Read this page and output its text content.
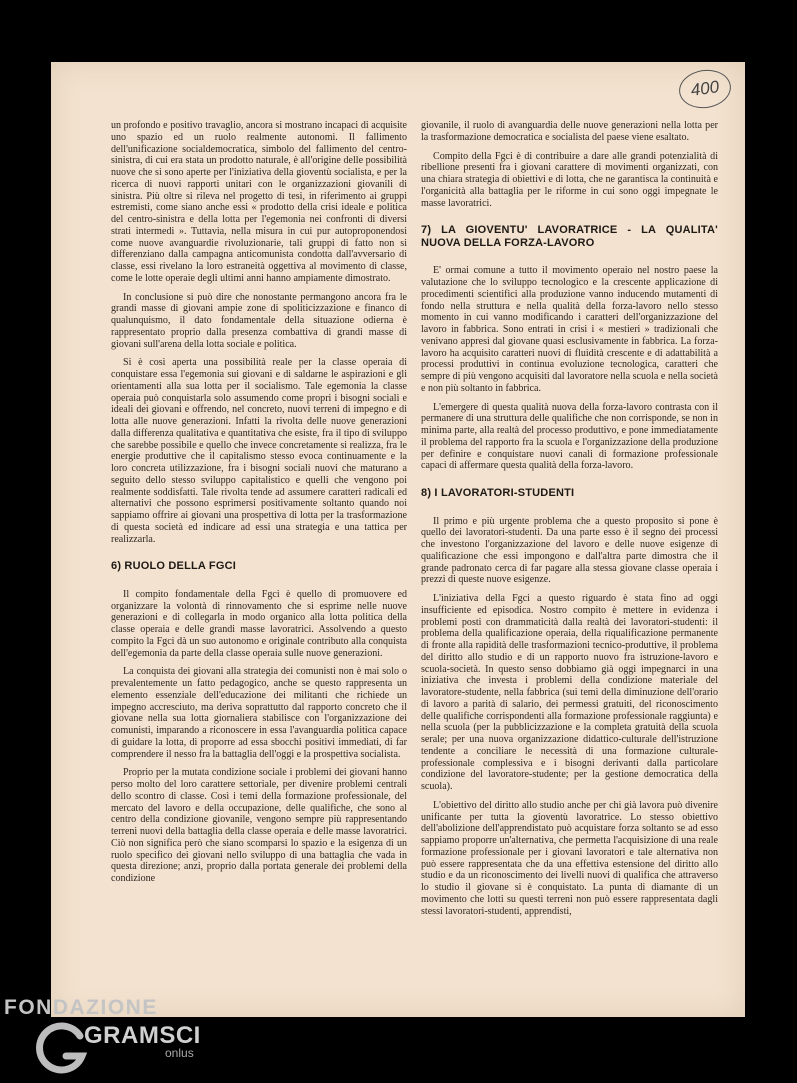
400

un profondo e positivo travaglio, ancora si mostrano incapaci di acquisite uno spazio ed un ruolo realmente autonomi. Il fallimento dell'unificazione socialdemocratica, simbolo del fallimento del centro-sinistra, di cui era stata un prodotto naturale, è all'origine delle possibilità nuove che si sono aperte per l'iniziativa della gioventù socialista, e per la ricerca di nuovi rapporti unitari con le organizzazioni giovanili di sinistra. Più oltre si rileva nel progetto di tesi, in riferimento ai gruppi estremisti, come siano anche essi « prodotto della crisi ideale e politica del centro-sinistra e della lotta per l'egemonia nei confronti di diversi strati intermedi ». Tuttavia, nella misura in cui pur autoproponendosi come nuove avanguardie rivoluzionarie, tali gruppi di fatto non si differenziano dalla campagna anticomunista condotta dall'avversario di classe, essi rivelano la loro estraneità oggettiva al movimento di classe, come le lotte operaie degli ultimi anni hanno ampiamente dimostrato.

In conclusione si può dire che nonostante permangono ancora fra le grandi masse di giovani ampie zone di spoliticizzazione e financo di qualunquismo, il dato fondamentale della situazione odierna è rappresentato proprio dalla presenza combattiva di grandi masse di giovani sull'arena della lotta sociale e politica.

Si è così aperta una possibilità reale per la classe operaia di conquistare essa l'egemonia sui giovani e di saldarne le aspirazioni e gli orientamenti alla sua lotta per il socialismo. Tale egemonia la classe operaia può conquistarla solo assumendo come propri i bisogni sociali e ideali dei giovani e offrendo, nel concreto, nuovi terreni di impegno e di lotta alle nuove generazioni. Infatti la rivolta delle nuove generazioni dalla differenza qualitativa e quantitativa che esiste, fra il tipo di sviluppo che sarebbe possibile e quello che invece concretamente si realizza, fra le energie produttive che il capitalismo stesso evoca continuamente e la loro concreta utilizzazione, fra i bisogni sociali nuovi che maturano a seguito dello stesso sviluppo capitalistico e quelli che vengono poi realmente soddisfatti. Tale rivolta tende ad assumere caratteri radicali ed alternativi che possono esprimersi positivamente soltanto quando noi sappiamo offrire ai giovani una prospettiva di lotta per la trasformazione di questa società ed indicare ad essi una strategia e una tattica per realizzarla.

6) RUOLO DELLA FGCI

Il compito fondamentale della Fgci è quello di promuovere ed organizzare la volontà di rinnovamento che si esprime nelle nuove generazioni e di collegarla in modo organico alla lotta politica della classe operaia e delle grandi masse lavoratrici. Assolvendo a questo compito la Fgci dà un suo autonomo e originale contributo alla conquista dell'egemonia da parte della classe operaia sulle nuove generazioni.

La conquista dei giovani alla strategia dei comunisti non è mai solo o prevalentemente un fatto pedagogico, anche se questo rappresenta un elemento essenziale dell'educazione dei militanti che richiede un impegno accresciuto, ma deriva soprattutto dal rapporto concreto che il giovane nella sua lotta giornaliera stabilisce con l'organizzazione dei comunisti, imparando a riconoscere in essa l'avanguardia politica capace di guidare la lotta, di proporre ad essa sbocchi positivi immediati, di far comprendere il nesso fra la battaglia dell'oggi e la prospettiva socialista.

Proprio per la mutata condizione sociale i problemi dei giovani hanno perso molto del loro carattere settoriale, per divenire problemi centrali dello scontro di classe. Così i temi della formazione professionale, del mercato del lavoro e della occupazione, delle qualifiche, che sono al centro della condizione giovanile, vengono sempre più rappresentando terreni nuovi della battaglia della classe operaia e delle masse lavoratrici. Ciò non significa però che siano scomparsi lo spazio e la esigenza di un ruolo specifico dei giovani nello sviluppo di una battaglia che vada in questa direzione; anzi, proprio dalla portata generale dei problemi della condizione

giovanile, il ruolo di avanguardia delle nuove generazioni nella lotta per la trasformazione democratica e socialista del paese viene esaltato.

Compito della Fgci è di contribuire a dare alle grandi potenzialità di ribellione presenti fra i giovani carattere di movimenti organizzati, con una chiara strategia di obiettivi e di lotta, che ne garantisca la continuità e l'organicità alla battaglia per le riforme in cui sono oggi impegnate le masse lavoratrici.

7) LA GIOVENTU' LAVORATRICE - LA QUALITA' NUOVA DELLA FORZA-LAVORO

E' ormai comune a tutto il movimento operaio nel nostro paese la valutazione che lo sviluppo tecnologico e la crescente applicazione di procedimenti scientifici alla produzione vanno inducendo mutamenti di fondo nella struttura e nella qualità della forza-lavoro nello stesso momento in cui vanno modificando i caratteri dell'organizzazione del lavoro in fabbrica. Sono entrati in crisi i « mestieri » tradizionali che venivano appresi dal giovane quasi esclusivamente in fabbrica. La forza-lavoro ha acquisito caratteri nuovi di fluidità crescente e di adattabilità a processi produttivi in continua evoluzione tecnologica, caratteri che sempre di più vengono acquisiti dal lavoratore nella scuola e nella società e non più soltanto in fabbrica.

L'emergere di questa qualità nuova della forza-lavoro contrasta con il permanere di una struttura delle qualifiche che non corrisponde, se non in minima parte, alla realtà del processo produttivo, e pone immediatamente il problema del rapporto fra la scuola e l'organizzazione della produzione per definire e conquistare nuovi canali di formazione professionale capaci di affermare questa qualità della forza-lavoro.

8) I LAVORATORI-STUDENTI

Il primo e più urgente problema che a questo proposito si pone è quello dei lavoratori-studenti. Da una parte esso è il segno dei processi che investono l'organizzazione del lavoro e delle nuove esigenze di qualificazione che essi impongono e dall'altra parte dimostra che il grande padronato cerca di far pagare alla stessa giovane classe operaia i prezzi di queste nuove esigenze.

L'iniziativa della Fgci a questo riguardo è stata fino ad oggi insufficiente ed episodica. Nostro compito è mettere in evidenza i problemi posti con drammaticità dalla realtà dei lavoratori-studenti: il problema della qualificazione operaia, della riqualificazione permanente di fronte alla rapidità delle trasformazioni tecnico-produttive, il problema del diritto allo studio e di un rapporto nuovo fra istruzione-lavoro e scuola-società. In questo senso dobbiamo già oggi impegnarci in una iniziativa che investa i problemi della condizione materiale del lavoratore-studente, nella fabbrica (sui temi della diminuzione dell'orario di lavoro a parità di salario, dei permessi gratuiti, del riconoscimento delle qualifiche corrispondenti alla formazione professionale raggiunta) e nella scuola (per la pubblicizzazione e la completa gratuità della scuola serale; per una nuova organizzazione didattico-culturale dell'istruzione tendente a conciliare le necessità di una formazione culturale-professionale complessiva e i bisogni derivanti dalla particolare condizione del lavoratore-studente; per la gestione democratica della scuola).

L'obiettivo del diritto allo studio anche per chi già lavora può divenire unificante per tutta la gioventù lavoratrice. Lo stesso obiettivo dell'abolizione dell'apprendistato può acquistare forza soltanto se ad esso sappiamo proporre un'alternativa, che permetta l'acquisizione di una reale formazione professionale per i giovani lavoratori e tale alternativa non può essere rappresentata che da una effettiva estensione del diritto allo studio e da un riconoscimento dei livelli nuovi di qualifica che attraverso lo studio il giovane si è conquistato. La punta di diamante di un movimento che lotti su questi terreni non può essere rappresentata dagli stessi lavoratori-studenti, apprendisti,

FONDAZIONE
GRAMSCI
onlus
